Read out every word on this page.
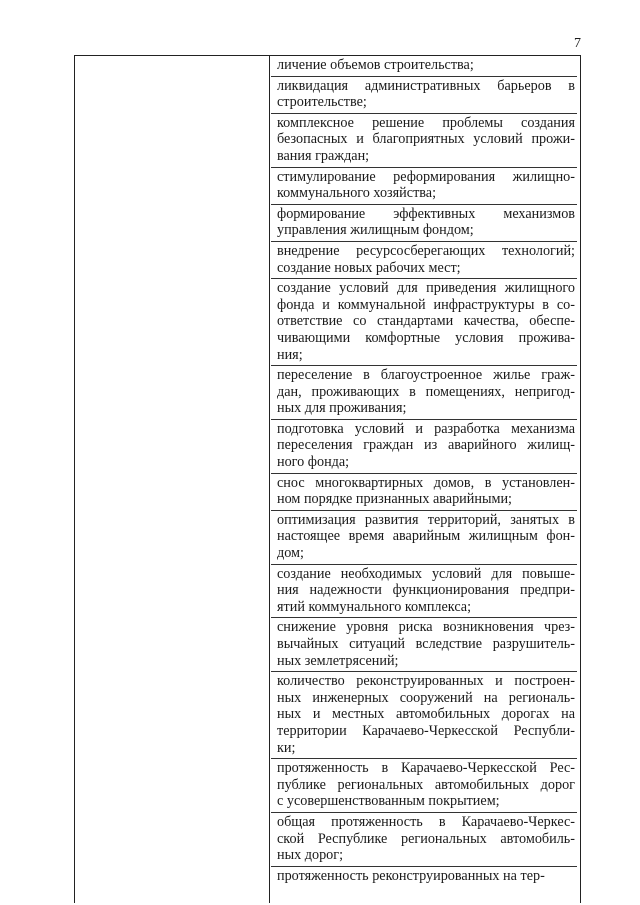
7
личение объемов строительства;
ликвидация административных барьеров в
строительстве;
комплексное решение проблемы создания
безопасных и благоприятных условий прожи-
вания граждан;
стимулирование реформирования жилищно-
коммунального хозяйства;
формирование эффективных механизмов
управления жилищным фондом;
внедрение ресурсосберегающих технологий;
создание новых рабочих мест;
создание условий для приведения жилищного
фонда и коммунальной инфраструктуры в со-
ответствие со стандартами качества, обеспе-
чивающими комфортные условия прожива-
ния;
переселение в благоустроенное жилье граж-
дан, проживающих в помещениях, непригод-
ных для проживания;
подготовка условий и разработка механизма
переселения граждан из аварийного жилищ-
ного фонда;
снос многоквартирных домов, в установлен-
ном порядке признанных аварийными;
оптимизация развития территорий, занятых в
настоящее время аварийным жилищным фон-
дом;
создание необходимых условий для повыше-
ния надежности функционирования предпри-
ятий коммунального комплекса;
снижение уровня риска возникновения чрез-
вычайных ситуаций вследствие разрушитель-
ных землетрясений;
количество реконструированных и построен-
ных инженерных сооружений на региональ-
ных и местных автомобильных дорогах на
территории Карачаево-Черкесской Республи-
ки;
протяженность в Карачаево-Черкесской Рес-
публике региональных автомобильных дорог
с усовершенствованным покрытием;
общая протяженность в Карачаево-Черкес-
ской Республике региональных автомобиль-
ных дорог;
протяженность реконструированных на тер-
